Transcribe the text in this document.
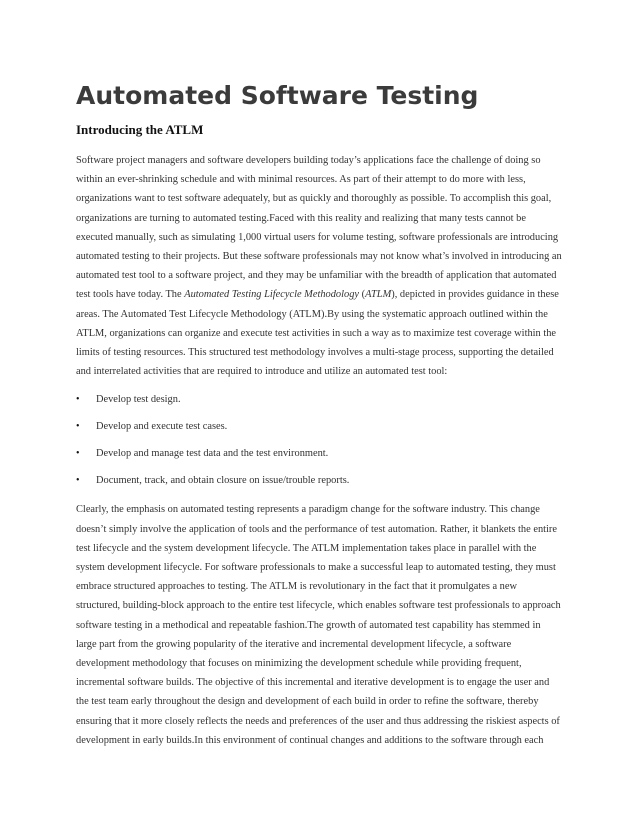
Automated Software Testing
Introducing the ATLM

Software project managers and software developers building today’s applications face the challenge of doing so
within an ever-shrinking schedule and with minimal resources. As part of their attempt to do more with less,
organizations want to test software adequately, but as quickly and thoroughly as possible. To accomplish this goal,
organizations are turning to automated testing.Faced with this reality and realizing that many tests cannot be
executed manually, such as simulating 1,000 virtual users for volume testing, software professionals are introducing
automated testing to their projects. But these software professionals may not know what’s involved in introducing an
automated test tool to a software project, and they may be unfamiliar with the breadth of application that automated
test tools have today. The Automated Testing Lifecycle Methodology (ATLM), depicted in provides guidance in these
areas. The Automated Test Lifecycle Methodology (ATLM).By using the systematic approach outlined within the
ATLM, organizations can organize and execute test activities in such a way as to maximize test coverage within the
limits of testing resources. This structured test methodology involves a multi-stage process, supporting the detailed
and interrelated activities that are required to introduce and utilize an automated test tool:

•	Develop test design.
•	Develop and execute test cases.
•	Develop and manage test data and the test environment.
•	Document, track, and obtain closure on issue/trouble reports.

Clearly, the emphasis on automated testing represents a paradigm change for the software industry. This change
doesn’t simply involve the application of tools and the performance of test automation. Rather, it blankets the entire
test lifecycle and the system development lifecycle. The ATLM implementation takes place in parallel with the
system development lifecycle. For software professionals to make a successful leap to automated testing, they must
embrace structured approaches to testing. The ATLM is revolutionary in the fact that it promulgates a new
structured, building-block approach to the entire test lifecycle, which enables software test professionals to approach
software testing in a methodical and repeatable fashion.The growth of automated test capability has stemmed in
large part from the growing popularity of the iterative and incremental development lifecycle, a software
development methodology that focuses on minimizing the development schedule while providing frequent,
incremental software builds. The objective of this incremental and iterative development is to engage the user and
the test team early throughout the design and development of each build in order to refine the software, thereby
ensuring that it more closely reflects the needs and preferences of the user and thus addressing the riskiest aspects of
development in early builds.In this environment of continual changes and additions to the software through each
